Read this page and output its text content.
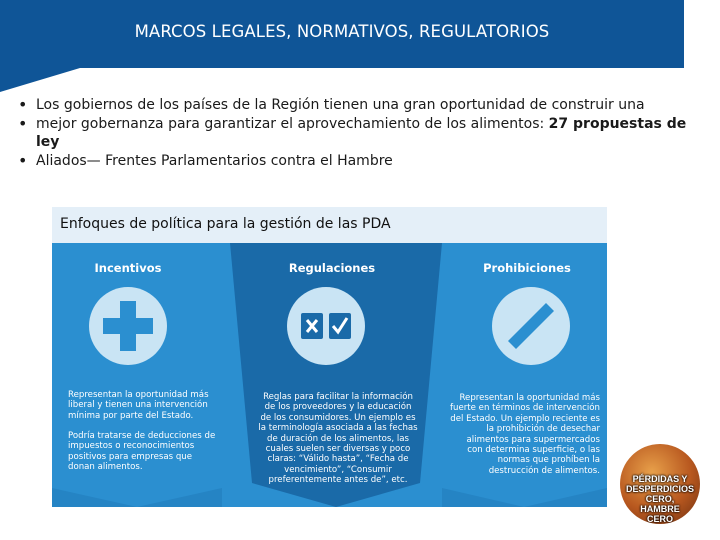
MARCOS LEGALES, NORMATIVOS, REGULATORIOS
• Los gobiernos de los países de la Región tienen una gran oportunidad de construir una
• mejor gobernanza para garantizar el aprovechamiento de los alimentos: 27 propuestas de ley
• Aliados— Frentes Parlamentarios contra el Hambre
Enfoques de política para la gestión de las PDA
Incentivos	Regulaciones	Prohibiciones
Representan la oportunidad más liberal y tienen una intervención mínima por parte del Estado.
Podría tratarse de deducciones de impuestos o reconocimientos positivos para empresas que donan alimentos.
Reglas para facilitar la información de los proveedores y la educación de los consumidores. Un ejemplo es la terminología asociada a las fechas de duración de los alimentos, las cuales suelen ser diversas y poco claras: “Válido hasta”, “Fecha de vencimiento”, “Consumir preferentemente antes de”, etc.
Representan la oportunidad más fuerte en términos de intervención del Estado. Un ejemplo reciente es la prohibición de desechar alimentos para supermercados con determina superficie, o las normas que prohíben la destrucción de alimentos.
PÉRDIDAS Y
DESPERDICIOS
CERO,
HAMBRE
CERO
